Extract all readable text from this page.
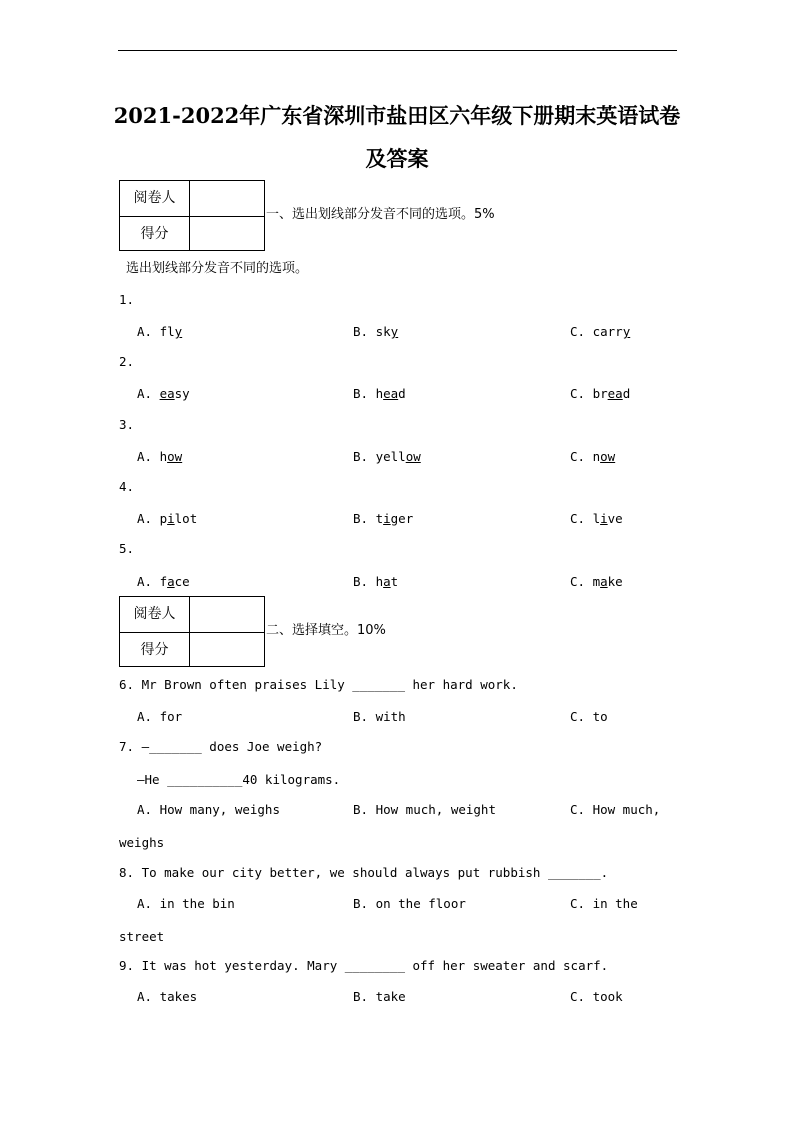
2021-2022年广东省深圳市盐田区六年级下册期末英语试卷
及答案
阅卷人
得分
一、选出划线部分发音不同的选项。5%
选出划线部分发音不同的选项。
1.
A. fly	B. sky	C. carry
2.
A. easy	B. head	C. bread
3.
A. how	B. yellow	C. now
4.
A. pilot	B. tiger	C. live
5.
A. face	B. hat	C. make
阅卷人
得分
二、选择填空。10%
6. Mr Brown often praises Lily _______ her hard work.
A. for	B. with	C. to
7. —_______ does Joe weigh?
—He __________40 kilograms.
A. How many, weighs	B. How much, weight	C. How much,
weighs
8. To make our city better, we should always put rubbish _______.
A. in the bin	B. on the floor	C. in the
street
9. It was hot yesterday. Mary ________ off her sweater and scarf.
A. takes	B. take	C. took
